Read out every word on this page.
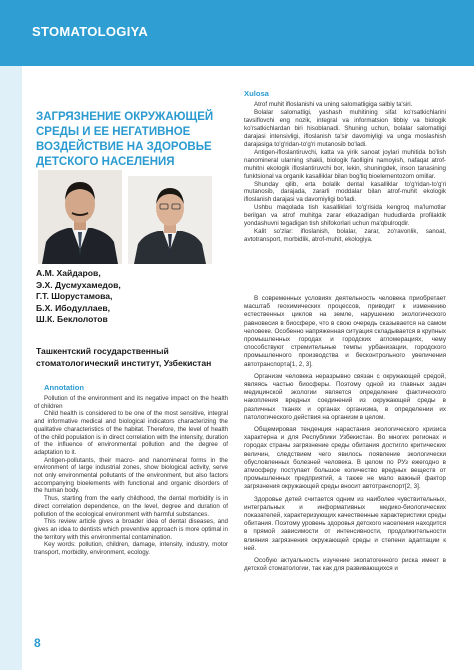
STOMATOLOGIYA
ЗАГРЯЗНЕНИЕ ОКРУЖАЮЩЕЙ СРЕДЫ И ЕЕ НЕГАТИВНОЕ ВОЗДЕЙСТВИЕ НА ЗДОРОВЬЕ ДЕТСКОГО НАСЕЛЕНИЯ
А.М. Хайдаров,
Э.Х. Дусмухамедов,
Г.Т. Шорустамова,
Б.Х. Ибодуллаев,
Ш.К. Беклолотов
Ташкентский государственный стоматологический институт, Узбекистан
Annotation

Pollution of the environment and its negative impact on the health of children

Child health is considered to be one of the most sensitive, integral and informative medical and biological indicators characterizing the qualitative characteristics of the habitat. Therefore, the level of health of the child population is in direct correlation with the intensity, duration of the influence of environmental pollution and the degree of adaptation to it.

Antigen-pollutants, their macro- and nanomineral forms in the environment of large industrial zones, show biological activity, serve not only environmental pollutants of the environment, but also factors accompanying bioelements with functional and organic disorders of the human body.

Thus, starting from the early childhood, the dental morbidity is in direct correlation dependence, on the level, degree and duration of pollution of the ecological environment with harmful substances.

This review article gives a broader idea of dental diseases, and gives an idea to dentists which preventive approach is more optimal in the territory with this environmental contamination.

Key words: pollution, children, damage, intensity, industry, motor transport, morbidity, environment, ecology.

Xulosa

Atrof muhit ifloslanishi va uning salomatligiga salbiy ta'siri.

Bolalar salomatligi, yashash muhitining sifat ko'rsatkichlarini tavsiflovchi eng nozik, integral va informatsion tibbiy va biologik ko'rsatkichlardan biri hisoblanadi. Shuning uchun, bolalar salomatligi darajasi intensivligi, ifloslanish ta'sir davomiyligi va unga moslashish darajasiga to'g'ridan-to'g'ri mutanosib bo'ladi.

Antigen-ifloslantiruvchi, katta va yirik sanoat joylari muhitida bo'lish nanomineral ularning shakli, biologik faolligini namoyish, nafaqat atrof-muhitni ekologik ifloslantiruvchi bor, lekin, shuningdek, inson tanasining funktsional va organik kasalliklar bilan bog'liq bioelementozom omillar.

Shunday qilib, erta bolalik dental kasalliklar to'g'ridan-to'g'ri mutanosib, darajada, zararli moddalar bilan atrof-muhit ekologik ifloslanish darajasi va davomiyligi bo'ladi.

Ushbu maqolada tish kasalliklari to'g'risida kengroq ma'lumotlar berilgan va atrof muhitga zarar etkazadigan hududlarda profilaktik yondashuvni tegadigan tish shifokorlari uchun ma'qbulroqdir.

Kalit so'zlar: ifloslanish, bolalar, zarar, zo'ravonlik, sanoat, avtotransport, morbidlik, atrof-muhit, ekologiya.

В современных условиях деятельность человека приобретает масштаб геохимических процессов, приводит к изменению естественных циклов на земле, нарушению экологического равновесия в биосфере, что в свою очередь сказывается на самом человеке. Особенно напряженная ситуация складывается в крупных промышленных городах и городских агломерациях, чему способствуют стремительные темпы урбанизации, городского промышленного производства и бесконтрольного увеличения автотранспорта[1, 2, 3].

Организм человека неразрывно связан с окружающей средой, являясь частью биосферы. Поэтому одной из главных задач медицинской экологии является определение фактического накопления вредных соединений из окружающей среды в различных тканях и органах организма, в определении их патологического действия на организм в целом.

Общемировая тенденция нарастания экологического кризиса характерна и для Республики Узбекистан. Во многих регионах и городах страны загрязнение среды обитания достигло критических величин, следствием чего явилось появление экологически обусловленных болезней человека. В целом по РУз ежегодно в атмосферу поступает большое количество вредных веществ от промышленных предприятий, а также не мало важный фактор загрязнения окружающей среды вносит автотранспорт[2, 3].

Здоровье детей считается одним из наиболее чувствительных, интегральных и информативных медико-биологических показателей, характеризующих качественные характеристики среды обитания. Поэтому уровень здоровья детского населения находится в прямой зависимости от интенсивности, продолжительности влияния загрязнения окружающей среды и степени адаптации к ней.

Особую актуальность изучение экопатогенного риска имеет в детской стоматологии, так как для развивающихся и

8
